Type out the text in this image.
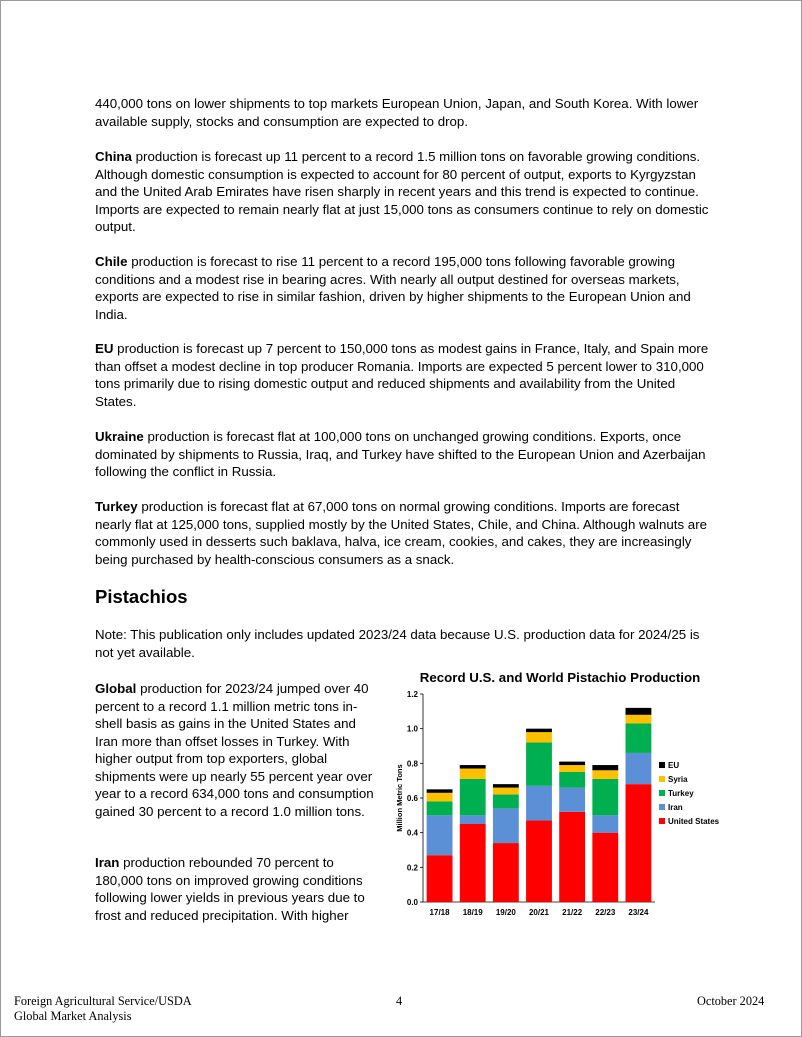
440,000 tons on lower shipments to top markets European Union, Japan, and South Korea. With lower available supply, stocks and consumption are expected to drop.

China production is forecast up 11 percent to a record 1.5 million tons on favorable growing conditions. Although domestic consumption is expected to account for 80 percent of output, exports to Kyrgyzstan and the United Arab Emirates have risen sharply in recent years and this trend is expected to continue. Imports are expected to remain nearly flat at just 15,000 tons as consumers continue to rely on domestic output.

Chile production is forecast to rise 11 percent to a record 195,000 tons following favorable growing conditions and a modest rise in bearing acres. With nearly all output destined for overseas markets, exports are expected to rise in similar fashion, driven by higher shipments to the European Union and India.

EU production is forecast up 7 percent to 150,000 tons as modest gains in France, Italy, and Spain more than offset a modest decline in top producer Romania. Imports are expected 5 percent lower to 310,000 tons primarily due to rising domestic output and reduced shipments and availability from the United States.

Ukraine production is forecast flat at 100,000 tons on unchanged growing conditions. Exports, once dominated by shipments to Russia, Iraq, and Turkey have shifted to the European Union and Azerbaijan following the conflict in Russia.

Turkey production is forecast flat at 67,000 tons on normal growing conditions. Imports are forecast nearly flat at 125,000 tons, supplied mostly by the United States, Chile, and China. Although walnuts are commonly used in desserts such baklava, halva, ice cream, cookies, and cakes, they are increasingly being purchased by health-conscious consumers as a snack.

Pistachios

Note: This publication only includes updated 2023/24 data because U.S. production data for 2024/25 is not yet available.

Global production for 2023/24 jumped over 40 percent to a record 1.1 million metric tons in-shell basis as gains in the United States and Iran more than offset losses in Turkey. With higher output from top exporters, global shipments were up nearly 55 percent year over year to a record 634,000 tons and consumption gained 30 percent to a record 1.0 million tons.

Iran production rebounded 70 percent to 180,000 tons on improved growing conditions following lower yields in previous years due to frost and reduced precipitation. With higher

Record U.S. and World Pistachio Production
0.0
0.2
0.4
0.6
0.8
1.0
1.2
Million Metric Tons
17/18 18/19 19/20 20/21 21/22 22/23 23/24
EU
Syria
Turkey
Iran
United States
Foreign Agricultural Service/USDA
Global Market Analysis
4	October 2024
